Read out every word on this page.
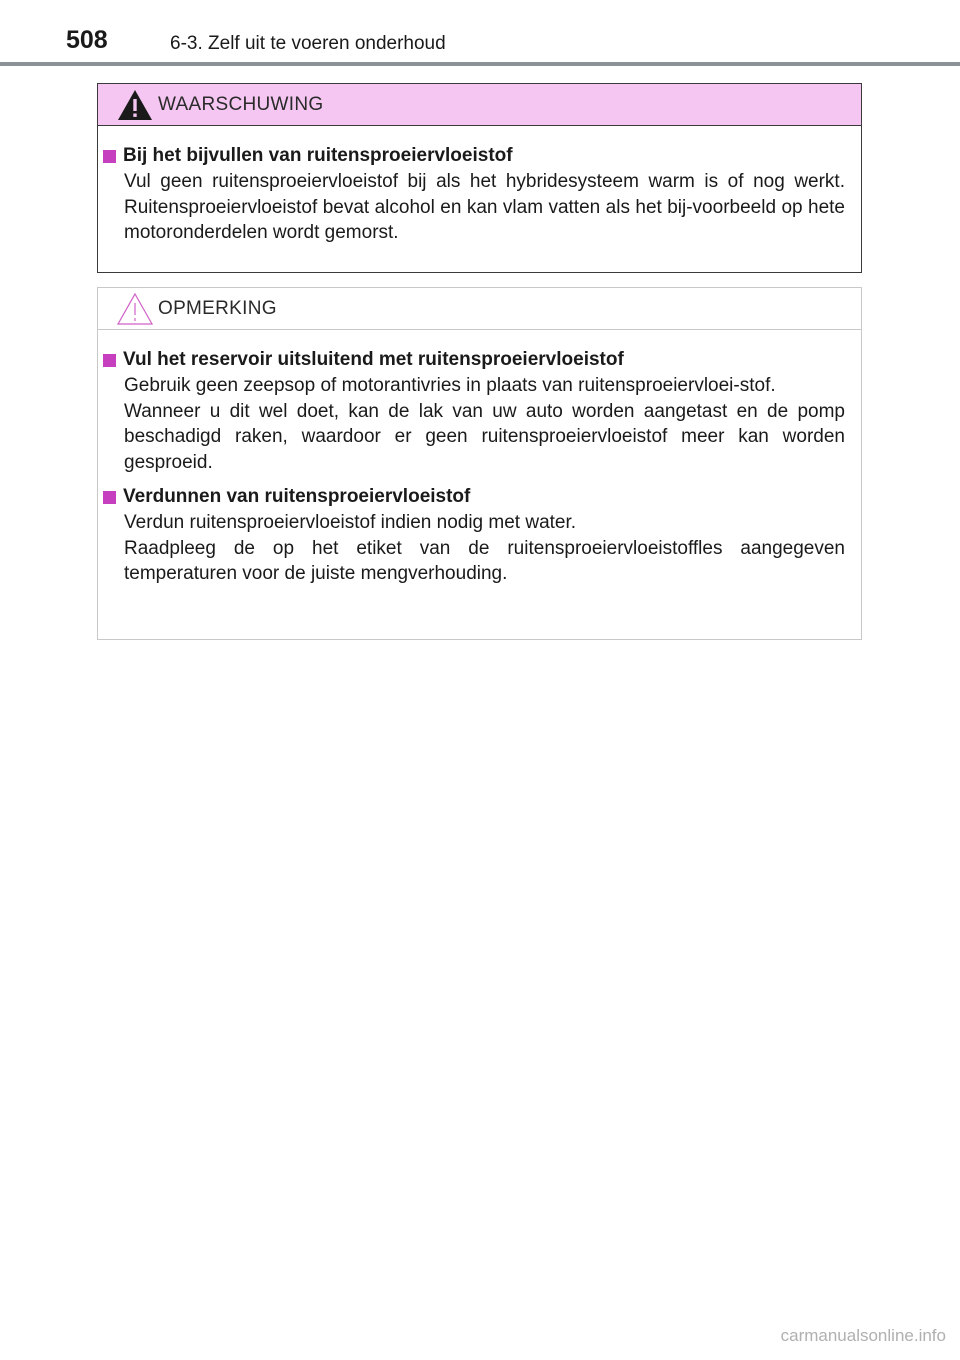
508	6-3. Zelf uit te voeren onderhoud
WAARSCHUWING
Bij het bijvullen van ruitensproeiervloeistof

Vul geen ruitensproeiervloeistof bij als het hybridesysteem warm is of nog werkt. Ruitensproeiervloeistof bevat alcohol en kan vlam vatten als het bij-voorbeeld op hete motoronderdelen wordt gemorst.

OPMERKING
Vul het reservoir uitsluitend met ruitensproeiervloeistof

Gebruik geen zeepsop of motorantivries in plaats van ruitensproeiervloei-stof.

Wanneer u dit wel doet, kan de lak van uw auto worden aangetast en de pomp beschadigd raken, waardoor er geen ruitensproeiervloeistof meer kan worden gesproeid.

Verdunnen van ruitensproeiervloeistof

Verdun ruitensproeiervloeistof indien nodig met water.

Raadpleeg de op het etiket van de ruitensproeiervloeistoffles aangegeven temperaturen voor de juiste mengverhouding.

carmanualsonline.info
